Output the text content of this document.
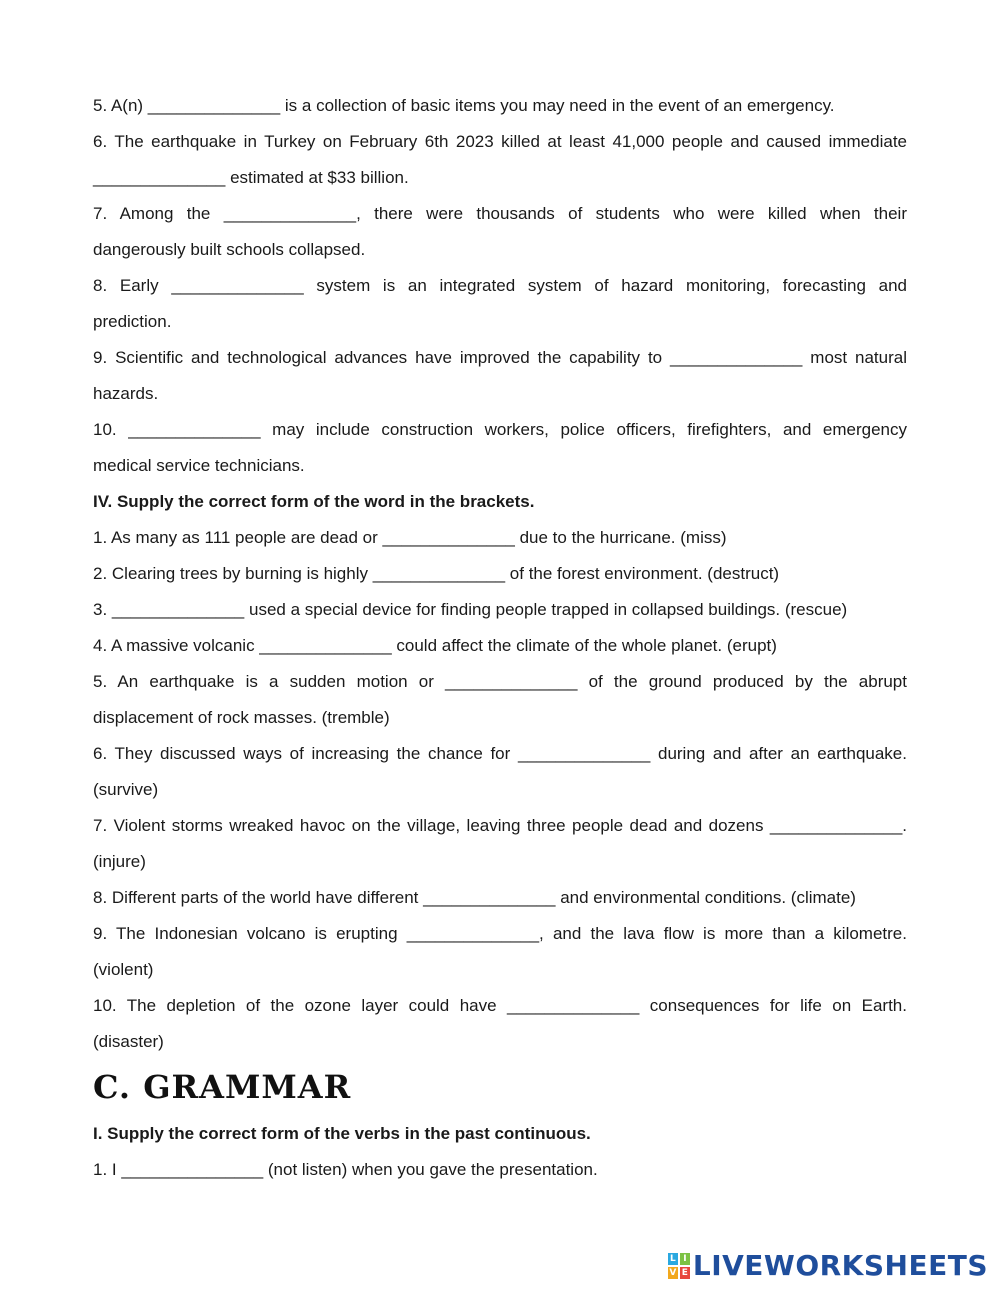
5. A(n) ______________ is a collection of basic items you may need in the event of an emergency.

6. The earthquake in Turkey on February 6th 2023 killed at least 41,000 people and caused immediate

______________ estimated at $33 billion.

7. Among the ______________, there were thousands of students who were killed when their

dangerously built schools collapsed.

8. Early ______________ system is an integrated system of hazard monitoring, forecasting and

prediction.

9. Scientific and technological advances have improved the capability to ______________ most natural

hazards.

10. ______________ may include construction workers, police officers, firefighters, and emergency

medical service technicians.

IV. Supply the correct form of the word in the brackets.

1. As many as 111 people are dead or ______________ due to the hurricane. (miss)

2. Clearing trees by burning is highly ______________ of the forest environment. (destruct)

3. ______________ used a special device for finding people trapped in collapsed buildings. (rescue)

4. A massive volcanic ______________ could affect the climate of the whole planet. (erupt)

5. An earthquake is a sudden motion or ______________ of the ground produced by the abrupt

displacement of rock masses. (tremble)

6. They discussed ways of increasing the chance for ______________ during and after an earthquake.

(survive)

7. Violent storms wreaked havoc on the village, leaving three people dead and dozens ______________.

(injure)

8. Different parts of the world have different ______________ and environmental conditions. (climate)

9. The Indonesian volcano is erupting ______________, and the lava flow is more than a kilometre.

(violent)

10. The depletion of the ozone layer could have ______________ consequences for life on Earth.

(disaster)

C. GRAMMAR

I. Supply the correct form of the verbs in the past continuous.

1. I _______________ (not listen) when you gave the presentation.

L I
V E LIVEWORKSHEETS
